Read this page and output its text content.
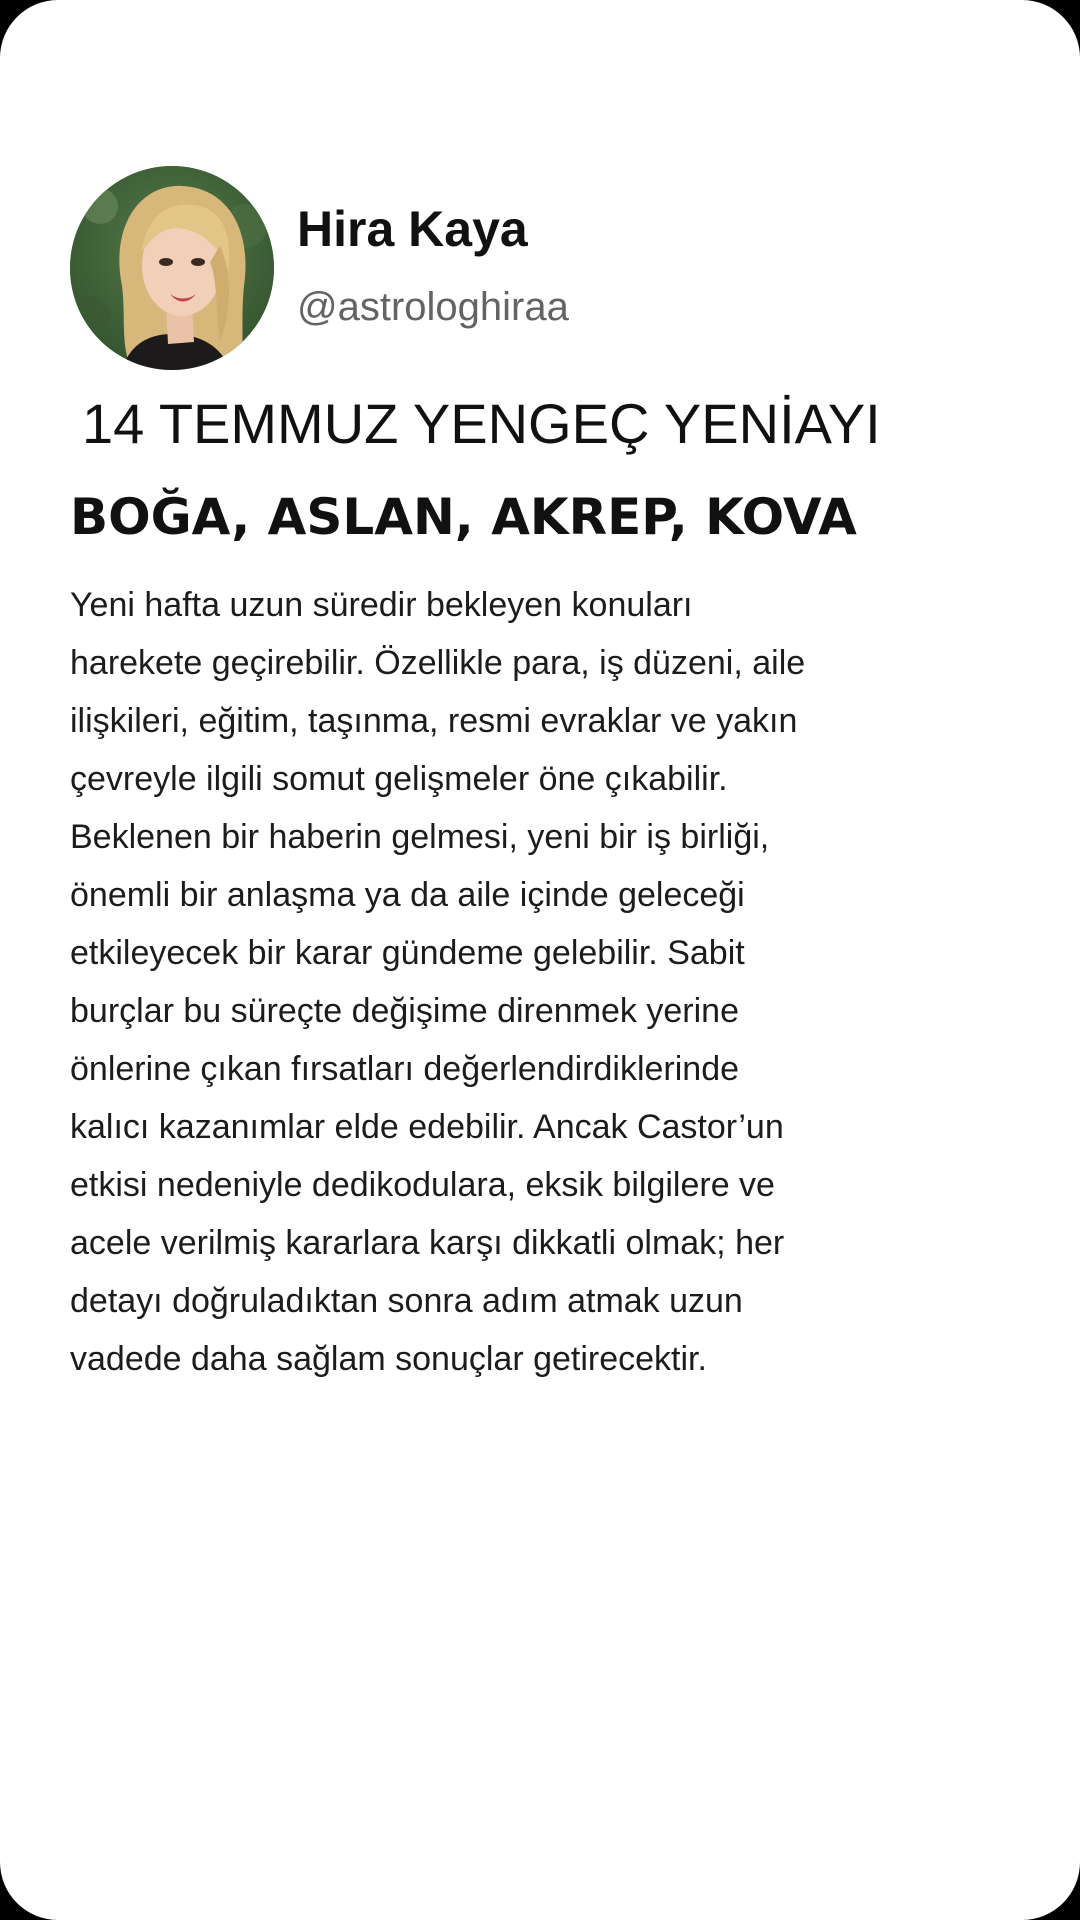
Hira Kaya
@astrologhiraa
14 TEMMUZ YENGEÇ YENİAYI
BOĞA, ASLAN, AKREP, KOVA
Yeni hafta uzun süredir bekleyen konuları
harekete geçirebilir. Özellikle para, iş düzeni, aile
ilişkileri, eğitim, taşınma, resmi evraklar ve yakın
çevreyle ilgili somut gelişmeler öne çıkabilir.
Beklenen bir haberin gelmesi, yeni bir iş birliği,
önemli bir anlaşma ya da aile içinde geleceği
etkileyecek bir karar gündeme gelebilir. Sabit
burçlar bu süreçte değişime direnmek yerine
önlerine çıkan fırsatları değerlendirdiklerinde
kalıcı kazanımlar elde edebilir. Ancak Castor’un
etkisi nedeniyle dedikodulara, eksik bilgilere ve
acele verilmiş kararlara karşı dikkatli olmak; her
detayı doğruladıktan sonra adım atmak uzun
vadede daha sağlam sonuçlar getirecektir.
